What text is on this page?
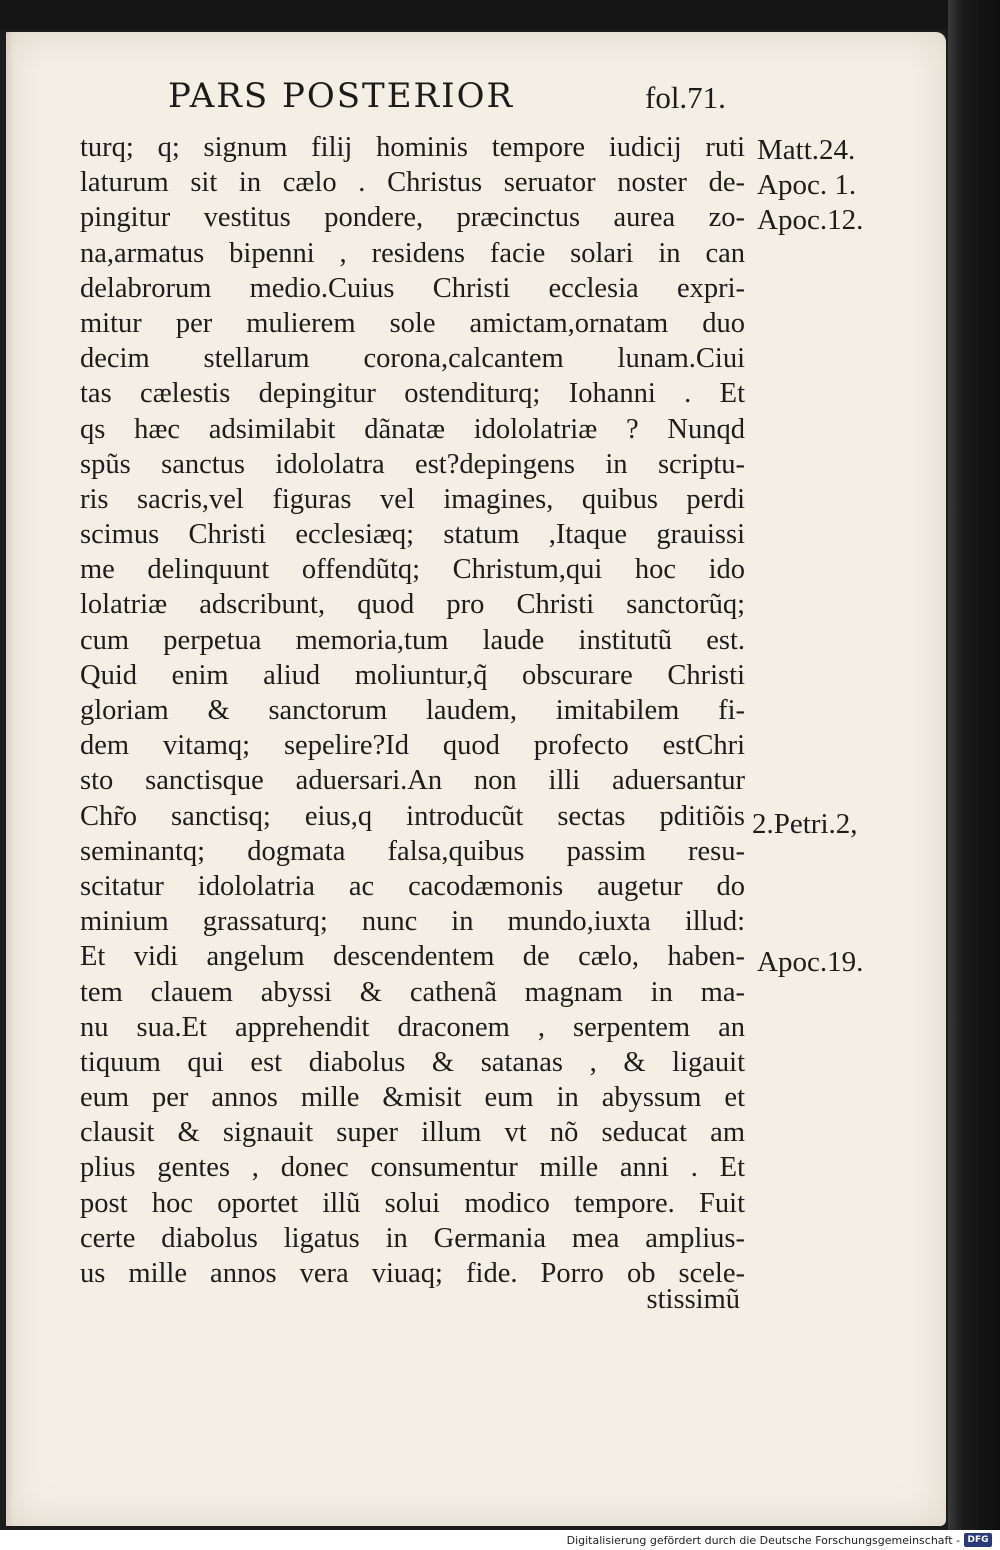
PARS POSTERIOR	fol.71.
turq; q; signum filij hominis tempore iudicij ruti
laturum sit in cælo . Christus seruator noster de-
pingitur vestitus pondere, præcinctus aurea zo-
na,armatus bipenni , residens facie solari in can
delabrorum medio.Cuius Christi ecclesia expri-
mitur per mulierem sole amictam,ornatam duo
decim stellarum corona,calcantem lunam.Ciui
tas cælestis depingitur ostenditurq; Iohanni . Et
qs hæc adsimilabit dãnatæ idololatriæ ? Nunqd
spũs sanctus idololatra est?depingens in scriptu-
ris sacris,vel figuras vel imagines, quibus perdi
scimus Christi ecclesiæq; statum ,Itaque grauissi
me delinquunt offendũtq; Christum,qui hoc ido
lolatriæ adscribunt, quod pro Christi sanctorũq;
cum perpetua memoria,tum laude institutũ est.
Quid enim aliud moliuntur,q̃ obscurare Christi
gloriam & sanctorum laudem, imitabilem fi-
dem vitamq; sepelire?Id quod profecto estChri
sto sanctisque aduersari.An non illi aduersantur
Chr̃o sanctisq; eius,q introducũt sectas pditiõis
seminantq; dogmata falsa,quibus passim resu-
scitatur idololatria ac cacodæmonis augetur do
minium grassaturq; nunc in mundo,iuxta illud:
Et vidi angelum descendentem de cælo, haben-
tem clauem abyssi & cathenã magnam in ma-
nu sua.Et apprehendit draconem , serpentem an
tiquum qui est diabolus & satanas , & ligauit
eum per annos mille &misit eum in abyssum et
clausit & signauit super illum vt nõ seducat am
plius gentes , donec consumentur mille anni . Et
post hoc oportet illũ solui modico tempore. Fuit
certe diabolus ligatus in Germania mea amplius-
us mille annos vera viuaq; fide. Porro ob scele-
stissimũ
Matt.24.
Apoc. 1.
Apoc.12.
2.Petri.2,
Apoc.19.
Digitalisierung gefördert durch die Deutsche Forschungsgemeinschaft - DFG
